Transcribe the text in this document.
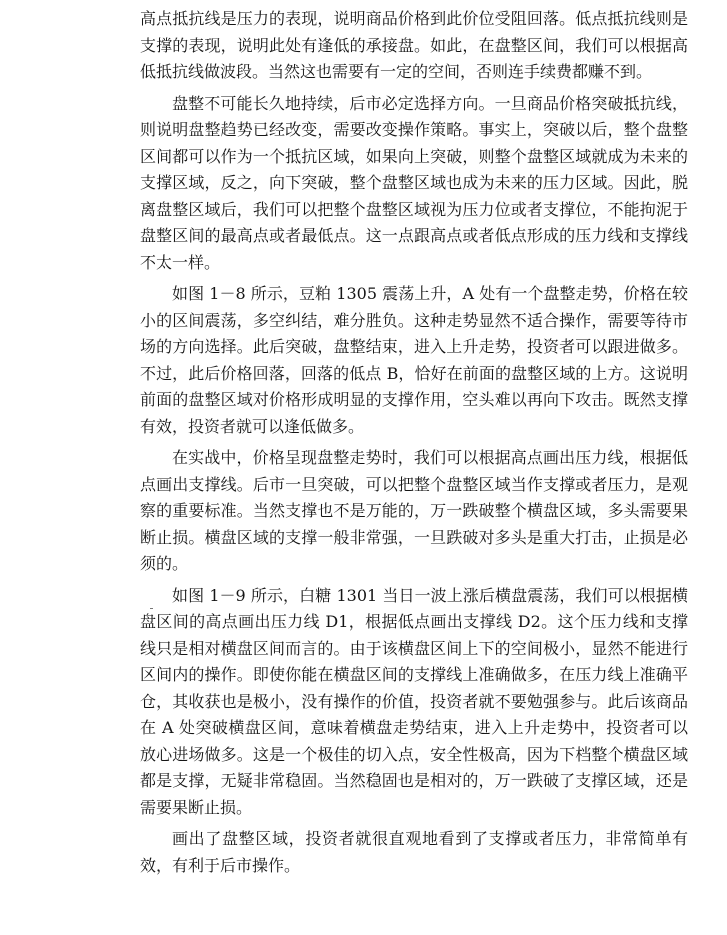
高点抵抗线是压力的表现，说明商品价格到此价位受阻回落。低点抵抗线则是支撑的表现，说明此处有逢低的承接盘。如此，在盘整区间，我们可以根据高低抵抗线做波段。当然这也需要有一定的空间，否则连手续费都赚不到。

盘整不可能长久地持续，后市必定选择方向。一旦商品价格突破抵抗线，则说明盘整趋势已经改变，需要改变操作策略。事实上，突破以后，整个盘整区间都可以作为一个抵抗区域，如果向上突破，则整个盘整区域就成为未来的支撑区域，反之，向下突破，整个盘整区域也成为未来的压力区域。因此，脱离盘整区域后，我们可以把整个盘整区域视为压力位或者支撑位，不能拘泥于盘整区间的最高点或者最低点。这一点跟高点或者低点形成的压力线和支撑线不太一样。

如图 1－8 所示，豆粕 1305 震荡上升，A 处有一个盘整走势，价格在较小的区间震荡，多空纠结，难分胜负。这种走势显然不适合操作，需要等待市场的方向选择。此后突破，盘整结束，进入上升走势，投资者可以跟进做多。不过，此后价格回落，回落的低点 B，恰好在前面的盘整区域的上方。这说明前面的盘整区域对价格形成明显的支撑作用，空头难以再向下攻击。既然支撑有效，投资者就可以逢低做多。

在实战中，价格呈现盘整走势时，我们可以根据高点画出压力线，根据低点画出支撑线。后市一旦突破，可以把整个盘整区域当作支撑或者压力，是观察的重要标准。当然支撑也不是万能的，万一跌破整个横盘区域，多头需要果断止损。横盘区域的支撑一般非常强，一旦跌破对多头是重大打击，止损是必须的。

如图 1－9 所示，白糖 1301 当日一波上涨后横盘震荡，我们可以根据横盘区间的高点画出压力线 D1，根据低点画出支撑线 D2。这个压力线和支撑线只是相对横盘区间而言的。由于该横盘区间上下的空间极小，显然不能进行区间内的操作。即使你能在横盘区间的支撑线上准确做多，在压力线上准确平仓，其收获也是极小，没有操作的价值，投资者就不要勉强参与。此后该商品在 A 处突破横盘区间，意味着横盘走势结束，进入上升走势中，投资者可以放心进场做多。这是一个极佳的切入点，安全性极高，因为下档整个横盘区域都是支撑，无疑非常稳固。当然稳固也是相对的，万一跌破了支撑区域，还是需要果断止损。

画出了盘整区域，投资者就很直观地看到了支撑或者压力，非常简单有效，有利于后市操作。
